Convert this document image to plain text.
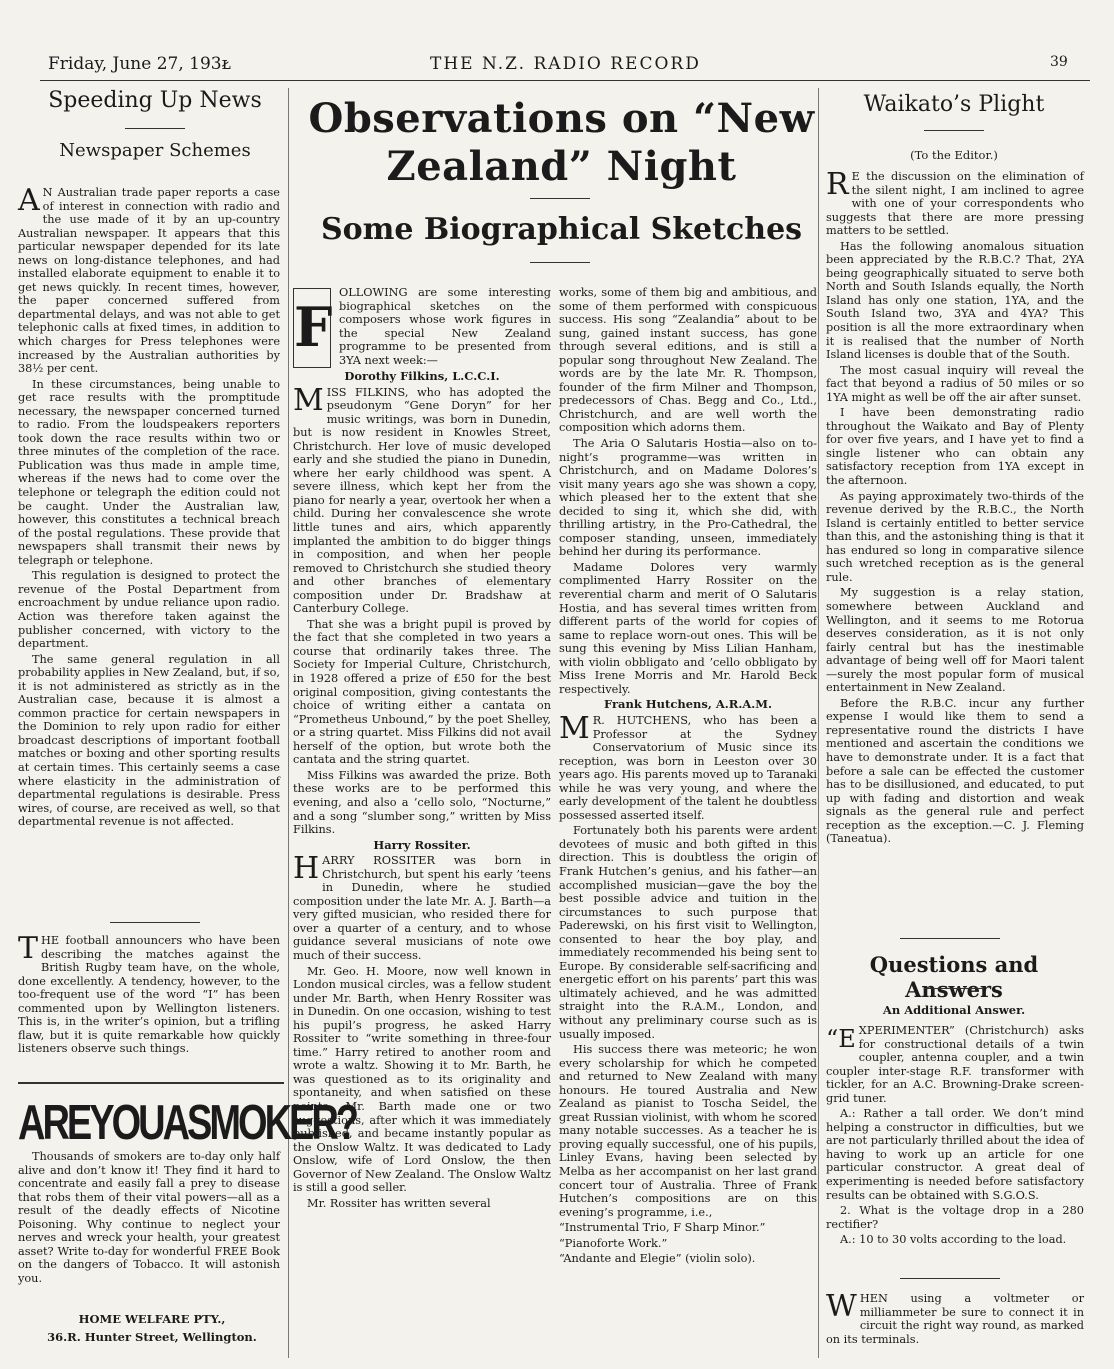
Friday, June 27, 193ᴌ	THE N.Z. RADIO RECORD	39
Speeding Up News
Newspaper Schemes

A N Australian trade paper reports a case of interest in connection with radio and the use made of it by an up-country Australian newspaper. It appears that this particular newspaper depended for its late news on long-distance telephones, and had installed elaborate equipment to enable it to get news quickly. In recent times, however, the paper concerned suffered from departmental delays, and was not able to get telephonic calls at fixed times, in addition to which charges for Press telephones were increased by the Australian authorities by 38½ per cent.

In these circumstances, being unable to get race results with the promptitude necessary, the newspaper concerned turned to radio. From the loudspeakers reporters took down the race results within two or three minutes of the completion of the race. Publication was thus made in ample time, whereas if the news had to come over the telephone or telegraph the edition could not be caught. Under the Australian law, however, this constitutes a technical breach of the postal regulations. These provide that newspapers shall transmit their news by telegraph or telephone.

This regulation is designed to protect the revenue of the Postal Department from encroachment by undue reliance upon radio. Action was therefore taken against the publisher concerned, with victory to the department.

The same general regulation in all probability applies in New Zealand, but, if so, it is not administered as strictly as in the Australian case, because it is almost a common practice for certain newspapers in the Dominion to rely upon radio for either broadcast descriptions of important football matches or boxing and other sporting results at certain times. This certainly seems a case where elasticity in the administration of departmental regulations is desirable. Press wires, of course, are received as well, so that departmental revenue is not affected.

THE football announcers who have been describing the matches against the British Rugby team have, on the whole, done excellently. A tendency, however, to the too-frequent use of the word “I” has been commented upon by Wellington listeners. This is, in the writer’s opinion, but a trifling flaw, but it is quite remarkable how quickly listeners observe such things.

AREYOUASMOKER?

Thousands of smokers are to-day only half alive and don’t know it! They find it hard to concentrate and easily fall a prey to disease that robs them of their vital powers—all as a result of the deadly effects of Nicotine Poisoning. Why continue to neglect your nerves and wreck your health, your greatest asset? Write to-day for wonderful FREE Book on the dangers of Tobacco. It will astonish you.

HOME WELFARE PTY.,
36.R. Hunter Street, Wellington.
Observations on “New Zealand” Night
Some Biographical Sketches

F
OLLOWING are some interesting biographical sketches on the composers whose work figures in the special New Zealand programme to be presented from 3YA next week:—

Dorothy Filkins, L.C.C.I.

MISS FILKINS, who has adopted the pseudonym “Gene Doryn” for her music writings, was born in Dunedin, but is now resident in Knowles Street, Christchurch. Her love of music developed early and she studied the piano in Dunedin, where her early childhood was spent. A severe illness, which kept her from the piano for nearly a year, overtook her when a child. During her convalescence she wrote little tunes and airs, which apparently implanted the ambition to do bigger things in composition, and when her people removed to Christchurch she studied theory and other branches of elementary composition under Dr. Bradshaw at Canterbury College.

That she was a bright pupil is proved by the fact that she completed in two years a course that ordinarily takes three. The Society for Imperial Culture, Christchurch, in 1928 offered a prize of £50 for the best original composition, giving contestants the choice of writing either a cantata on “Prometheus Unbound,” by the poet Shelley, or a string quartet. Miss Filkins did not avail herself of the option, but wrote both the cantata and the string quartet.

Miss Filkins was awarded the prize. Both these works are to be performed this evening, and also a ’cello solo, “Nocturne,” and a song “slumber song,” written by Miss Filkins.

Harry Rossiter.

HARRY ROSSITER was born in Christchurch, but spent his early ’teens in Dunedin, where he studied composition under the late Mr. A. J. Barth—a very gifted musician, who resided there for over a quarter of a century, and to whose guidance several musicians of note owe much of their success.

Mr. Geo. H. Moore, now well known in London musical circles, was a fellow student under Mr. Barth, when Henry Rossiter was in Dunedin. On one occasion, wishing to test his pupil’s progress, he asked Harry Rossiter to “write something in three-four time.” Harry retired to another room and wrote a waltz. Showing it to Mr. Barth, he was questioned as to its originality and spontaneity, and when satisfied on these points, Mr. Barth made one or two suggestions, after which it was immediately published, and became instantly popular as the Onslow Waltz. It was dedicated to Lady Onslow, wife of Lord Onslow, the then Governor of New Zealand. The Onslow Waltz is still a good seller.

Mr. Rossiter has written several

works, some of them big and ambitious, and some of them performed with conspicuous success. His song “Zealandia” about to be sung, gained instant success, has gone through several editions, and is still a popular song throughout New Zealand. The words are by the late Mr. R. Thompson, founder of the firm Milner and Thompson, predecessors of Chas. Begg and Co., Ltd., Christchurch, and are well worth the composition which adorns them.

The Aria O Salutaris Hostia—also on to-night’s programme—was written in Christchurch, and on Madame Dolores’s visit many years ago she was shown a copy, which pleased her to the extent that she decided to sing it, which she did, with thrilling artistry, in the Pro-Cathedral, the composer standing, unseen, immediately behind her during its performance.

Madame Dolores very warmly complimented Harry Rossiter on the reverential charm and merit of O Salutaris Hostia, and has several times written from different parts of the world for copies of same to replace worn-out ones. This will be sung this evening by Miss Lilian Hanham, with violin obbligato and ’cello obbligato by Miss Irene Morris and Mr. Harold Beck respectively.

Frank Hutchens, A.R.A.M.

M R. HUTCHENS, who has been a Professor at the Sydney Conservatorium of Music since its reception, was born in Leeston over 30 years ago. His parents moved up to Taranaki while he was very young, and where the early development of the talent he doubtless possessed asserted itself.

Fortunately both his parents were ardent devotees of music and both gifted in this direction. This is doubtless the origin of Frank Hutchen’s genius, and his father—an accomplished musician—gave the boy the best possible advice and tuition in the circumstances to such purpose that Paderewski, on his first visit to Wellington, consented to hear the boy play, and immediately recommended his being sent to Europe. By considerable self-sacrificing and energetic effort on his parents’ part this was ultimately achieved, and he was admitted straight into the R.A.M., London, and without any preliminary course such as is usually imposed.

His success there was meteoric; he won every scholarship for which he competed and returned to New Zealand with many honours. He toured Australia and New Zealand as pianist to Toscha Seidel, the great Russian violinist, with whom he scored many notable successes. As a teacher he is proving equally successful, one of his pupils, Linley Evans, having been selected by Melba as her accompanist on her last grand concert tour of Australia. Three of Frank Hutchen’s compositions are on this evening’s programme, i.e.,

“Instrumental Trio, F Sharp Minor.”

“Pianoforte Work.”

“Andante and Elegie” (violin solo).

Waikato’s Plight
(To the Editor.)

R E the discussion on the elimination of the silent night, I am inclined to agree with one of your correspondents who suggests that there are more pressing matters to be settled.

Has the following anomalous situation been appreciated by the R.B.C.? That, 2YA being geographically situated to serve both North and South Islands equally, the North Island has only one station, 1YA, and the South Island two, 3YA and 4YA? This position is all the more extraordinary when it is realised that the number of North Island licenses is double that of the South.

The most casual inquiry will reveal the fact that beyond a radius of 50 miles or so 1YA might as well be off the air after sunset.

I have been demonstrating radio throughout the Waikato and Bay of Plenty for over five years, and I have yet to find a single listener who can obtain any satisfactory reception from 1YA except in the afternoon.

As paying approximately two-thirds of the revenue derived by the R.B.C., the North Island is certainly entitled to better service than this, and the astonishing thing is that it has endured so long in comparative silence such wretched reception as is the general rule.

My suggestion is a relay station, somewhere between Auckland and Wellington, and it seems to me Rotorua deserves consideration, as it is not only fairly central but has the inestimable advantage of being well off for Maori talent—surely the most popular form of musical entertainment in New Zealand.

Before the R.B.C. incur any further expense I would like them to send a representative round the districts I have mentioned and ascertain the conditions we have to demonstrate under. It is a fact that before a sale can be effected the customer has to be disillusioned, and educated, to put up with fading and distortion and weak signals as the general rule and perfect reception as the exception.—C. J. Fleming (Taneatua).

Questions and Answers
An Additional Answer.

“EXPERIMENTER” (Christchurch) asks for constructional details of a twin coupler, antenna coupler, and a twin coupler inter-stage R.F. transformer with tickler, for an A.C. Browning-Drake screen-grid tuner.

A.: Rather a tall order. We don’t mind helping a constructor in difficulties, but we are not particularly thrilled about the idea of having to work up an article for one particular constructor. A great deal of experimenting is needed before satisfactory results can be obtained with S.G.O.S.

2. What is the voltage drop in a 280 rectifier?

A.: 10 to 30 volts according to the load.

WHEN using a voltmeter or milliammeter be sure to connect it in circuit the right way round, as marked on its terminals.
